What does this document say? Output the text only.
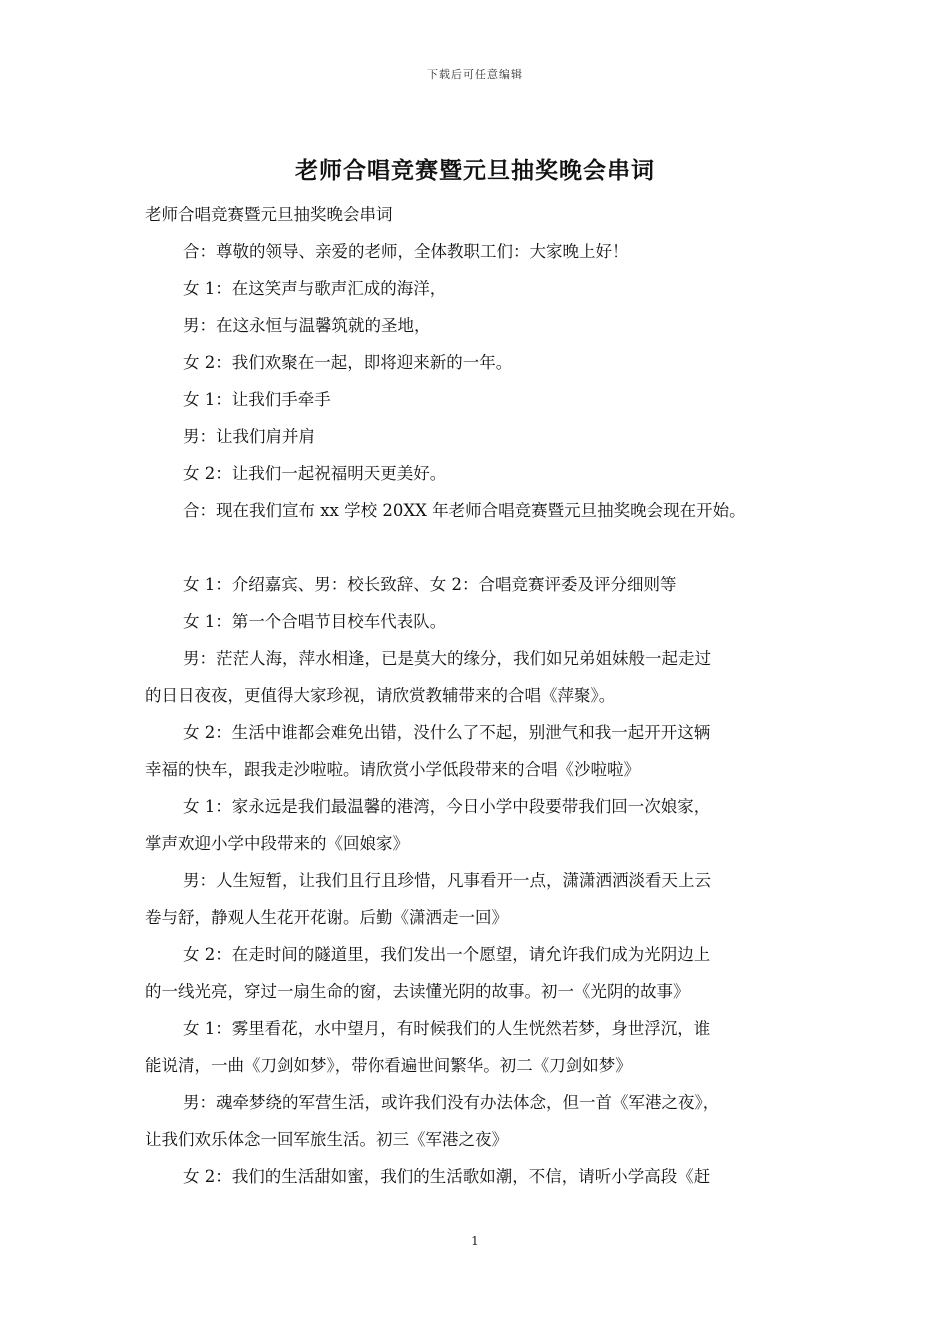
下载后可任意编辑
老师合唱竞赛暨元旦抽奖晚会串词
老师合唱竞赛暨元旦抽奖晚会串词
合：尊敬的领导、亲爱的老师，全体教职工们：大家晚上好！
女 1：在这笑声与歌声汇成的海洋，
男：在这永恒与温馨筑就的圣地，
女 2：我们欢聚在一起，即将迎来新的一年。
女 1：让我们手牵手
男：让我们肩并肩
女 2：让我们一起祝福明天更美好。
合：现在我们宣布 xx 学校 20XX 年老师合唱竞赛暨元旦抽奖晚会现在开始。
女 1：介绍嘉宾、男：校长致辞、女 2：合唱竞赛评委及评分细则等
女 1：第一个合唱节目校车代表队。
男：茫茫人海，萍水相逢，已是莫大的缘分，我们如兄弟姐妹般一起走过
的日日夜夜，更值得大家珍视，请欣赏教辅带来的合唱《萍聚》。
女 2：生活中谁都会难免出错，没什么了不起，别泄气和我一起开开这辆
幸福的快车，跟我走沙啦啦。请欣赏小学低段带来的合唱《沙啦啦》
女 1：家永远是我们最温馨的港湾，今日小学中段要带我们回一次娘家，
掌声欢迎小学中段带来的《回娘家》
男：人生短暂，让我们且行且珍惜，凡事看开一点，潇潇洒洒淡看天上云
卷与舒，静观人生花开花谢。后勤《潇洒走一回》
女 2：在走时间的隧道里，我们发出一个愿望，请允许我们成为光阴边上
的一线光亮，穿过一扇生命的窗，去读懂光阴的故事。初一《光阴的故事》
女 1：雾里看花，水中望月，有时候我们的人生恍然若梦，身世浮沉，谁
能说清，一曲《刀剑如梦》，带你看遍世间繁华。初二《刀剑如梦》
男：魂牵梦绕的军营生活，或许我们没有办法体念，但一首《军港之夜》，
让我们欢乐体念一回军旅生活。初三《军港之夜》
女 2：我们的生活甜如蜜，我们的生活歌如潮，不信，请听小学高段《赶
1
